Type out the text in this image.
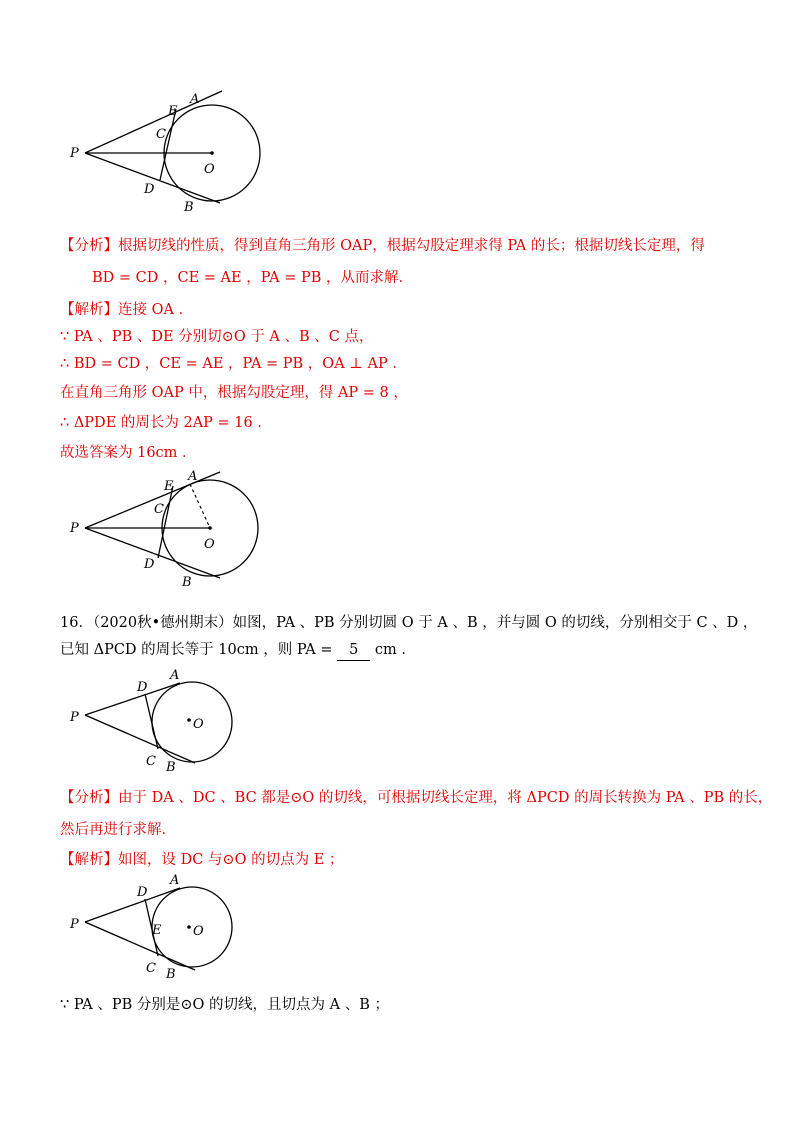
P
E
A
C
O
D
B
【分析】根据切线的性质，得到直角三角形 OAP，根据勾股定理求得 PA 的长；根据切线长定理，得
BD = CD ，CE = AE ，PA = PB ，从而求解．
【解析】连接 OA ．
∵ PA 、PB 、DE 分别切⊙O 于 A 、B 、C 点，
∴ BD = CD ，CE = AE ，PA = PB ，OA ⊥ AP ．
在直角三角形 OAP 中，根据勾股定理，得 AP = 8 ，
∴ ΔPDE 的周长为 2AP = 16 ．
故选答案为 16cm ．
P
E
A
C
O
D
B
16．（2020秋•德州期末）如图，PA 、PB 分别切圆 O 于 A 、B ，并与圆 O 的切线，分别相交于 C 、D ，
已知 ΔPCD 的周长等于 10cm ，则 PA = 5 cm ．
P
D
A
O
C B
【分析】由于 DA 、DC 、BC 都是⊙O 的切线，可根据切线长定理，将 ΔPCD 的周长转换为 PA 、PB 的长，
然后再进行求解．
【解析】如图，设 DC 与⊙O 的切点为 E ；
P
D
A
E O
C B
∵ PA 、PB 分别是⊙O 的切线，且切点为 A 、B ；
